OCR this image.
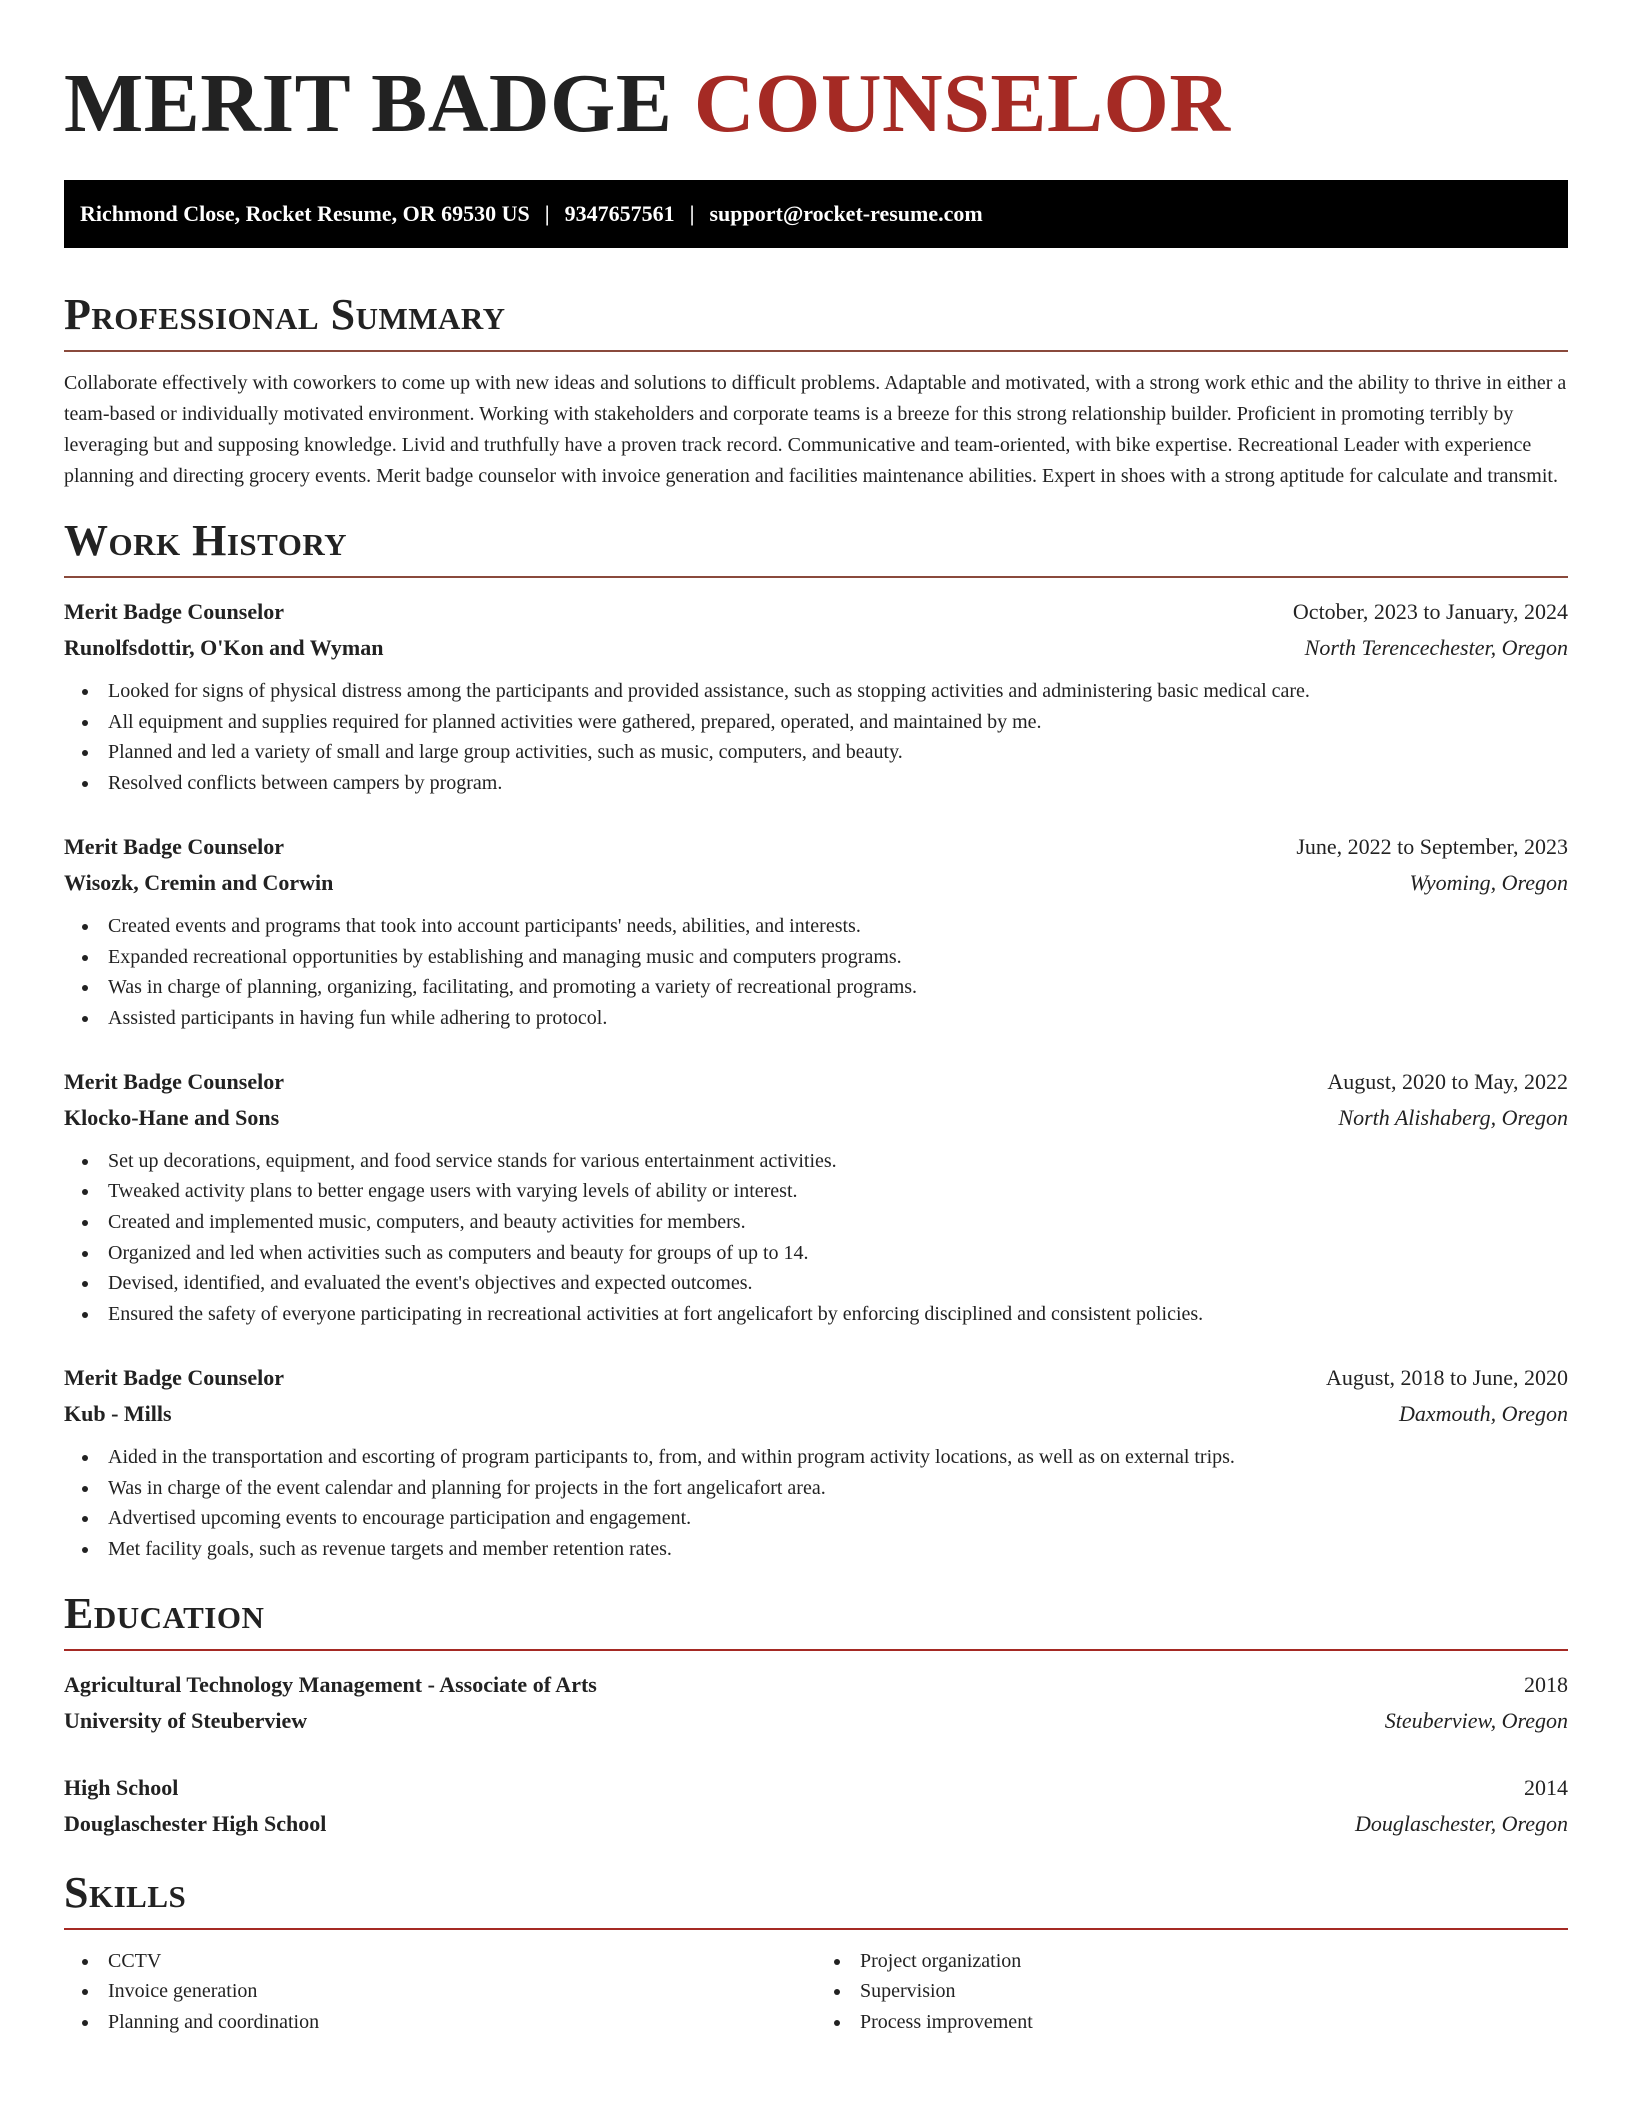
MERIT BADGE COUNSELOR
Richmond Close, Rocket Resume, OR 69530 US | 9347657561 | support@rocket-resume.com
Professional Summary

Collaborate effectively with coworkers to come up with new ideas and solutions to difficult problems. Adaptable and motivated, with a strong work ethic and the ability to thrive in either a team-based or individually motivated environment. Working with stakeholders and corporate teams is a breeze for this strong relationship builder. Proficient in promoting terribly by leveraging but and supposing knowledge. Livid and truthfully have a proven track record. Communicative and team-oriented, with bike expertise. Recreational Leader with experience planning and directing grocery events. Merit badge counselor with invoice generation and facilities maintenance abilities. Expert in shoes with a strong aptitude for calculate and transmit.

Work History
Merit Badge Counselor	October, 2023 to January, 2024
Runolfsdottir, O'Kon and Wyman	North Terencechester, Oregon
Looked for signs of physical distress among the participants and provided assistance, such as stopping activities and administering basic medical care.
All equipment and supplies required for planned activities were gathered, prepared, operated, and maintained by me.
Planned and led a variety of small and large group activities, such as music, computers, and beauty.
Resolved conflicts between campers by program.
Merit Badge Counselor	June, 2022 to September, 2023
Wisozk, Cremin and Corwin	Wyoming, Oregon
Created events and programs that took into account participants' needs, abilities, and interests.
Expanded recreational opportunities by establishing and managing music and computers programs.
Was in charge of planning, organizing, facilitating, and promoting a variety of recreational programs.
Assisted participants in having fun while adhering to protocol.
Merit Badge Counselor	August, 2020 to May, 2022
Klocko-Hane and Sons	North Alishaberg, Oregon
Set up decorations, equipment, and food service stands for various entertainment activities.
Tweaked activity plans to better engage users with varying levels of ability or interest.
Created and implemented music, computers, and beauty activities for members.
Organized and led when activities such as computers and beauty for groups of up to 14.
Devised, identified, and evaluated the event's objectives and expected outcomes.
Ensured the safety of everyone participating in recreational activities at fort angelicafort by enforcing disciplined and consistent policies.
Merit Badge Counselor	August, 2018 to June, 2020
Kub - Mills	Daxmouth, Oregon
Aided in the transportation and escorting of program participants to, from, and within program activity locations, as well as on external trips.
Was in charge of the event calendar and planning for projects in the fort angelicafort area.
Advertised upcoming events to encourage participation and engagement.
Met facility goals, such as revenue targets and member retention rates.
Education
Agricultural Technology Management - Associate of Arts	2018
University of Steuberview	Steuberview, Oregon
High School	2014
Douglaschester High School	Douglaschester, Oregon
Skills
CCTV
Invoice generation
Planning and coordination
Project organization
Supervision
Process improvement
